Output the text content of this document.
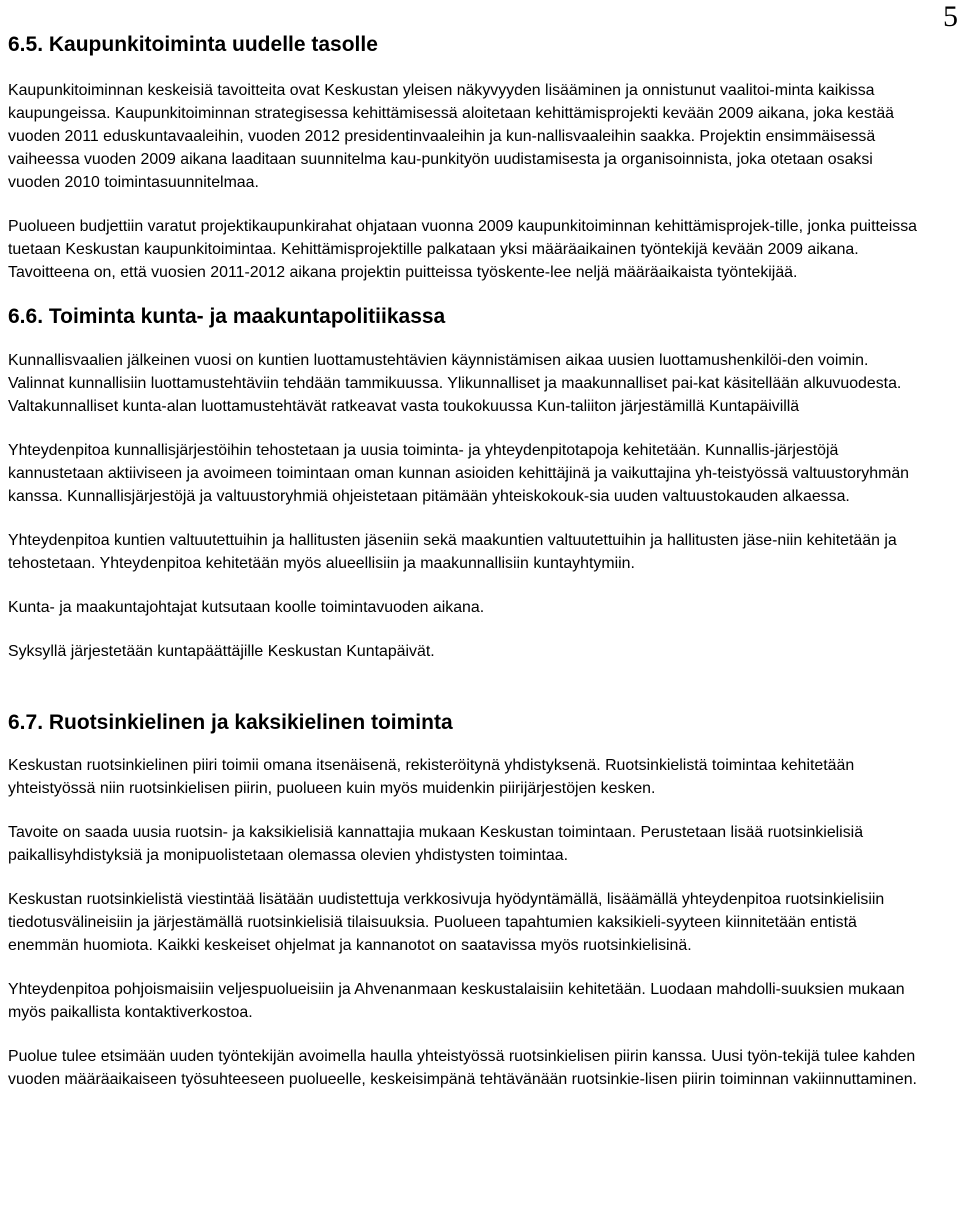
5
6.5. Kaupunkitoiminta uudelle tasolle

Kaupunkitoiminnan keskeisiä tavoitteita ovat Keskustan yleisen näkyvyyden lisääminen ja onnistunut vaalitoi-minta kaikissa kaupungeissa. Kaupunkitoiminnan strategisessa kehittämisessä aloitetaan kehittämisprojekti kevään 2009 aikana, joka kestää vuoden 2011 eduskuntavaaleihin, vuoden 2012 presidentinvaaleihin ja kun-nallisvaaleihin saakka. Projektin ensimmäisessä vaiheessa vuoden 2009 aikana laaditaan suunnitelma kau-punkityön uudistamisesta ja organisoinnista, joka otetaan osaksi vuoden 2010 toimintasuunnitelmaa.

Puolueen budjettiin varatut projektikaupunkirahat ohjataan vuonna 2009 kaupunkitoiminnan kehittämisprojek-tille, jonka puitteissa tuetaan Keskustan kaupunkitoimintaa. Kehittämisprojektille palkataan yksi määräaikainen työntekijä kevään 2009 aikana. Tavoitteena on, että vuosien 2011-2012 aikana projektin puitteissa työskente-lee neljä määräaikaista työntekijää.

6.6. Toiminta kunta- ja maakuntapolitiikassa

Kunnallisvaalien jälkeinen vuosi on kuntien luottamustehtävien käynnistämisen aikaa uusien luottamushenkilöi-den voimin. Valinnat kunnallisiin luottamustehtäviin tehdään tammikuussa. Ylikunnalliset ja maakunnalliset pai-kat käsitellään alkuvuodesta. Valtakunnalliset kunta-alan luottamustehtävät ratkeavat vasta toukokuussa Kun-taliiton järjestämillä Kuntapäivillä

Yhteydenpitoa kunnallisjärjestöihin tehostetaan ja uusia toiminta- ja yhteydenpitotapoja kehitetään. Kunnallis-järjestöjä kannustetaan aktiiviseen ja avoimeen toimintaan oman kunnan asioiden kehittäjinä ja vaikuttajina yh-teistyössä valtuustoryhmän kanssa. Kunnallisjärjestöjä ja valtuustoryhmiä ohjeistetaan pitämään yhteiskokouk-sia uuden valtuustokauden alkaessa.

Yhteydenpitoa kuntien valtuutettuihin ja hallitusten jäseniin sekä maakuntien valtuutettuihin ja hallitusten jäse-niin kehitetään ja tehostetaan. Yhteydenpitoa kehitetään myös alueellisiin ja maakunnallisiin kuntayhtymiin.

Kunta- ja maakuntajohtajat kutsutaan koolle toimintavuoden aikana.

Syksyllä järjestetään kuntapäättäjille Keskustan Kuntapäivät.

6.7. Ruotsinkielinen ja kaksikielinen toiminta

Keskustan ruotsinkielinen piiri toimii omana itsenäisenä, rekisteröitynä yhdistyksenä. Ruotsinkielistä toimintaa kehitetään yhteistyössä niin ruotsinkielisen piirin, puolueen kuin myös muidenkin piirijärjestöjen kesken.

Tavoite on saada uusia ruotsin- ja kaksikielisiä kannattajia mukaan Keskustan toimintaan. Perustetaan lisää ruotsinkielisiä paikallisyhdistyksiä ja monipuolistetaan olemassa olevien yhdistysten toimintaa.

Keskustan ruotsinkielistä viestintää lisätään uudistettuja verkkosivuja hyödyntämällä, lisäämällä yhteydenpitoa ruotsinkielisiin tiedotusvälineisiin ja järjestämällä ruotsinkielisiä tilaisuuksia. Puolueen tapahtumien kaksikieli-syyteen kiinnitetään entistä enemmän huomiota. Kaikki keskeiset ohjelmat ja kannanotot on saatavissa myös ruotsinkielisinä.

Yhteydenpitoa pohjoismaisiin veljespuolueisiin ja Ahvenanmaan keskustalaisiin kehitetään. Luodaan mahdolli-suuksien mukaan myös paikallista kontaktiverkostoa.

Puolue tulee etsimään uuden työntekijän avoimella haulla yhteistyössä ruotsinkielisen piirin kanssa. Uusi työn-tekijä tulee kahden vuoden määräaikaiseen työsuhteeseen puolueelle, keskeisimpänä tehtävänään ruotsinkie-lisen piirin toiminnan vakiinnuttaminen.
